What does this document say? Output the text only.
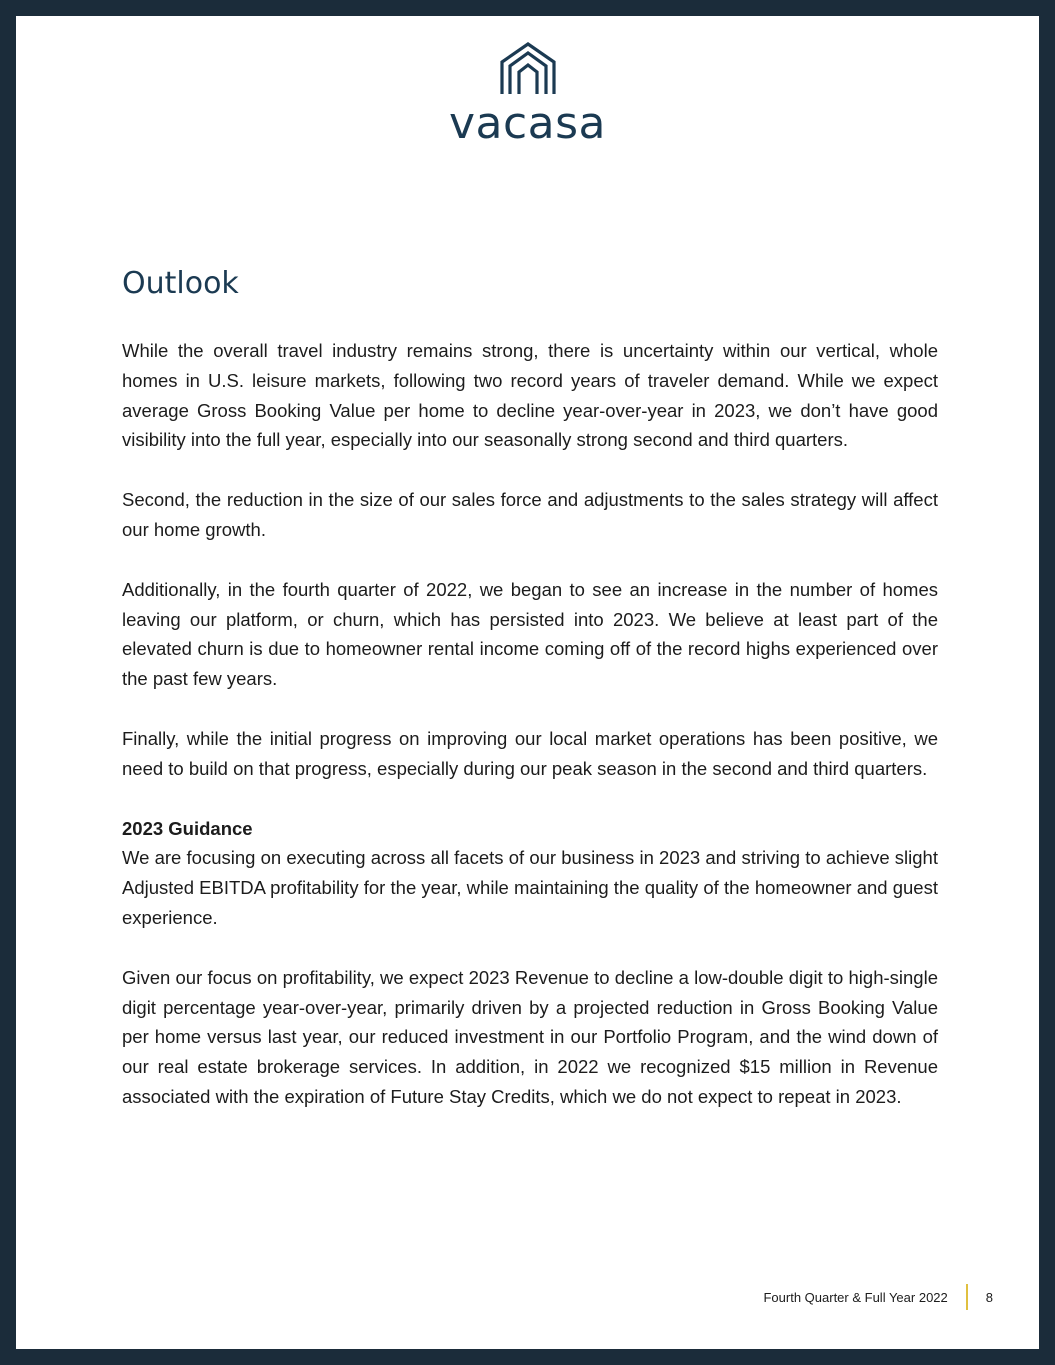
vacasa
Outlook

While the overall travel industry remains strong, there is uncertainty within our vertical, whole homes in U.S. leisure markets, following two record years of traveler demand. While we expect average Gross Booking Value per home to decline year-over-year in 2023, we don’t have good visibility into the full year, especially into our seasonally strong second and third quarters.

Second, the reduction in the size of our sales force and adjustments to the sales strategy will affect our home growth.

Additionally, in the fourth quarter of 2022, we began to see an increase in the number of homes leaving our platform, or churn, which has persisted into 2023. We believe at least part of the elevated churn is due to homeowner rental income coming off of the record highs experienced over the past few years.

Finally, while the initial progress on improving our local market operations has been positive, we need to build on that progress, especially during our peak season in the second and third quarters.

2023 Guidance

We are focusing on executing across all facets of our business in 2023 and striving to achieve slight Adjusted EBITDA profitability for the year, while maintaining the quality of the homeowner and guest experience.

Given our focus on profitability, we expect 2023 Revenue to decline a low-double digit to high-single digit percentage year-over-year, primarily driven by a projected reduction in Gross Booking Value per home versus last year, our reduced investment in our Portfolio Program, and the wind down of our real estate brokerage services. In addition, in 2022 we recognized $15 million in Revenue associated with the expiration of Future Stay Credits, which we do not expect to repeat in 2023.

Fourth Quarter & Full Year 2022	8
